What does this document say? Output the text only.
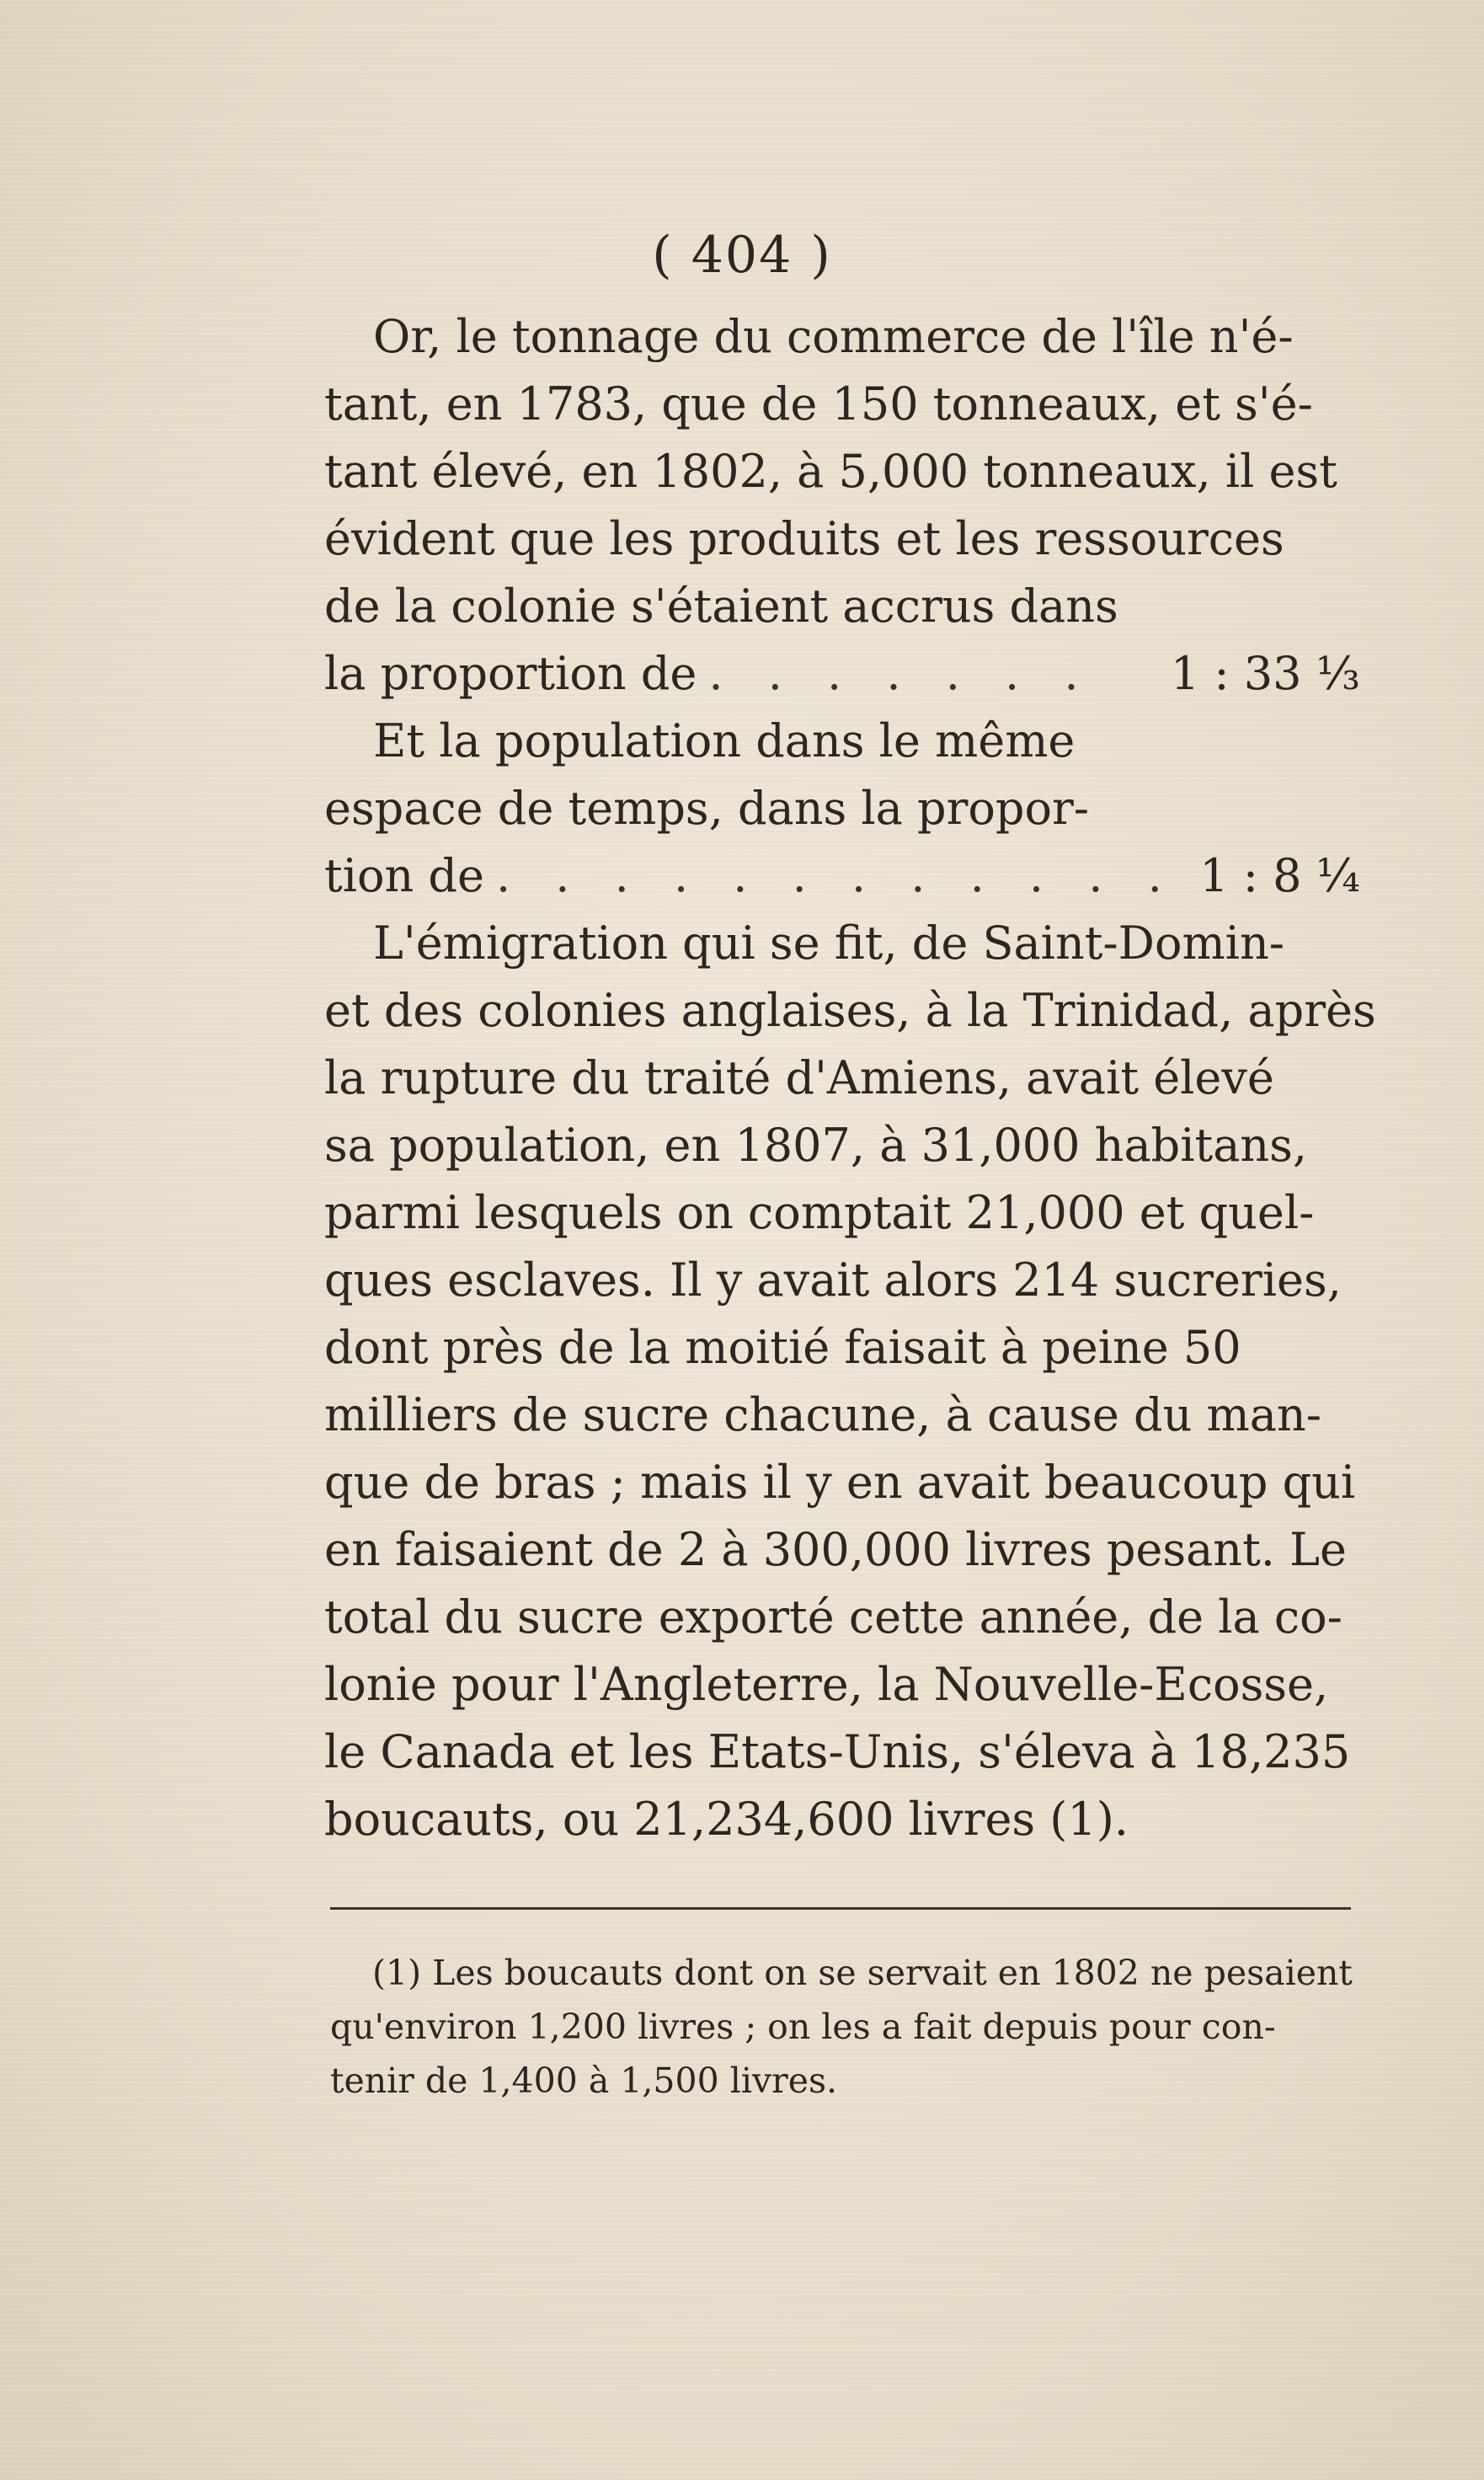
( 404 )
Or, le tonnage du commerce de l'île n'é-
tant, en 1783, que de 150 tonneaux, et s'é-
tant élevé, en 1802, à 5,000 tonneaux, il est
évident que les produits et les ressources
de la colonie s'étaient accrus dans
la proportion de . . . . . . .	1 : 33 ⅓
Et la population dans le même
espace de temps, dans la propor-
tion de . . . . . . . . . . . . 1 : 8 ¼
L'émigration qui se fit, de Saint-Domin-
et des colonies anglaises, à la Trinidad, après
la rupture du traité d'Amiens, avait élevé
sa population, en 1807, à 31,000 habitans,
parmi lesquels on comptait 21,000 et quel-
ques esclaves. Il y avait alors 214 sucreries,
dont près de la moitié faisait à peine 50
milliers de sucre chacune, à cause du man-
que de bras ; mais il y en avait beaucoup qui
en faisaient de 2 à 300,000 livres pesant. Le
total du sucre exporté cette année, de la co-
lonie pour l'Angleterre, la Nouvelle-Ecosse,
le Canada et les Etats-Unis, s'éleva à 18,235
boucauts, ou 21,234,600 livres (1).
(1) Les boucauts dont on se servait en 1802 ne pesaient
qu'environ 1,200 livres ; on les a fait depuis pour con-
tenir de 1,400 à 1,500 livres.
